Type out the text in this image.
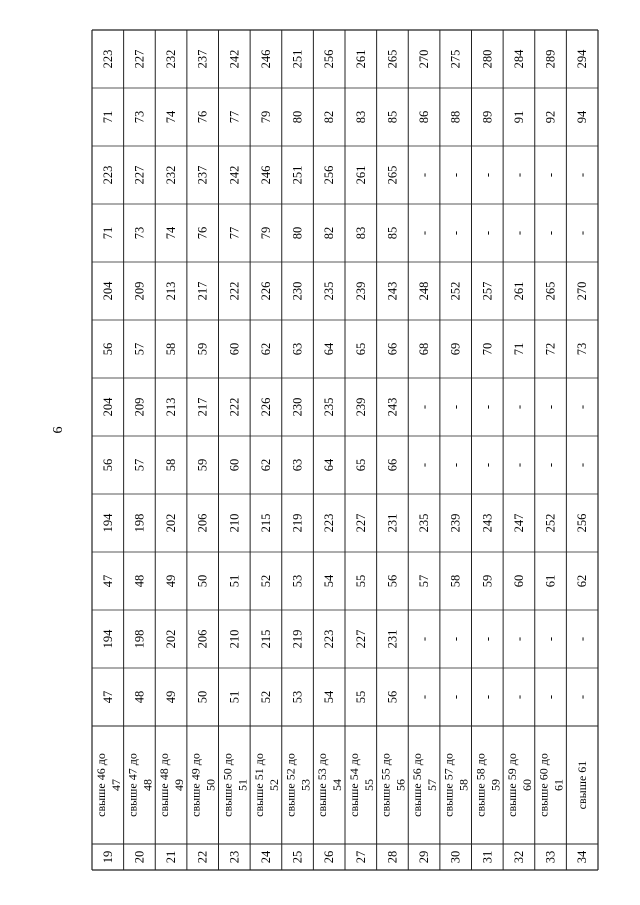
6
19
свыше 46 до 47
47
194
47
194
56
204
56
204
71
223
71
223
20
свыше 47 до 48
48
198
48
198
57
209
57
209
73
227
73
227
21
свыше 48 до 49
49
202
49
202
58
213
58
213
74
232
74
232
22
свыше 49 до 50
50
206
50
206
59
217
59
217
76
237
76
237
23
свыше 50 до 51
51
210
51
210
60
222
60
222
77
242
77
242
24
свыше 51 до 52
52
215
52
215
62
226
62
226
79
246
79
246
25
свыше 52 до 53
53
219
53
219
63
230
63
230
80
251
80
251
26
свыше 53 до 54
54
223
54
223
64
235
64
235
82
256
82
256
27
свыше 54 до 55
55
227
55
227
65
239
65
239
83
261
83
261
28
свыше 55 до 56
56
231
56
231
66
243
66
243
85
265
85
265
29
свыше 56 до 57
-
-
57
235
-
-
68
248
-
-
86
270
30
свыше 57 до 58
-
-
58
239
-
-
69
252
-
-
88
275
31
свыше 58 до 59
-
-
59
243
-
-
70
257
-
-
89
280
32
свыше 59 до 60
-
-
60
247
-
-
71
261
-
-
91
284
33
свыше 60 до 61
-
-
61
252
-
-
72
265
-
-
92
289
34
свыше 61
-
-
62
256
-
-
73
270
-
-
94
294
